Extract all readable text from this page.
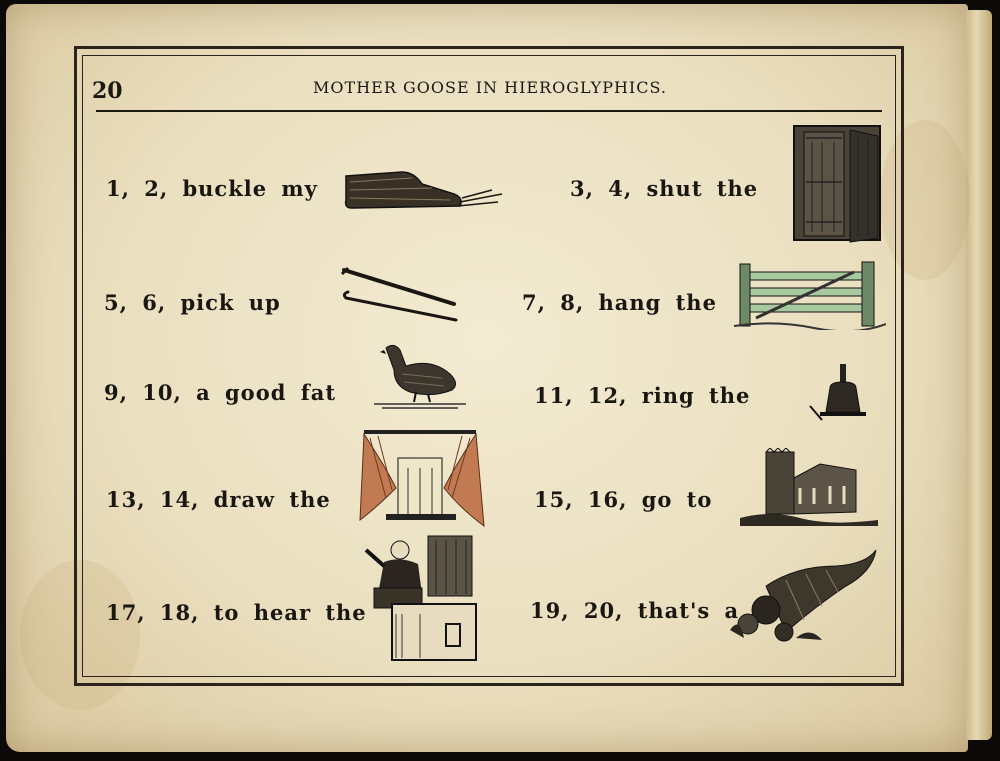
20	MOTHER GOOSE IN HIEROGLYPHICS.
1, 2, buckle my	3, 4, shut the
5, 6, pick up	7, 8, hang the
9, 10, a good fat	11, 12, ring the
13, 14, draw the	15, 16, go to
17, 18, to hear the	19, 20, that's a
